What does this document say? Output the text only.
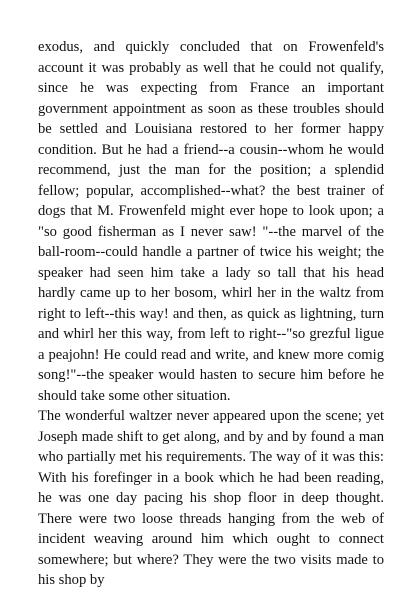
exodus, and quickly concluded that on Frowenfeld's account it was probably as well that he could not qualify, since he was expecting from France an important government appointment as soon as these troubles should be settled and Louisiana restored to her former happy condition. But he had a friend--a cousin--whom he would recommend, just the man for the position; a splendid fellow; popular, accomplished--what? the best trainer of dogs that M. Frowenfeld might ever hope to look upon; a "so good fisherman as I never saw! "--the marvel of the ball-room--could handle a partner of twice his weight; the speaker had seen him take a lady so tall that his head hardly came up to her bosom, whirl her in the waltz from right to left--this way! and then, as quick as lightning, turn and whirl her this way, from left to right--"so grezful ligue a peajohn! He could read and write, and knew more comig song!"--the speaker would hasten to secure him before he should take some other situation.

The wonderful waltzer never appeared upon the scene; yet Joseph made shift to get along, and by and by found a man who partially met his requirements. The way of it was this: With his forefinger in a book which he had been reading, he was one day pacing his shop floor in deep thought. There were two loose threads hanging from the web of incident weaving around him which ought to connect somewhere; but where? They were the two visits made to his shop by
